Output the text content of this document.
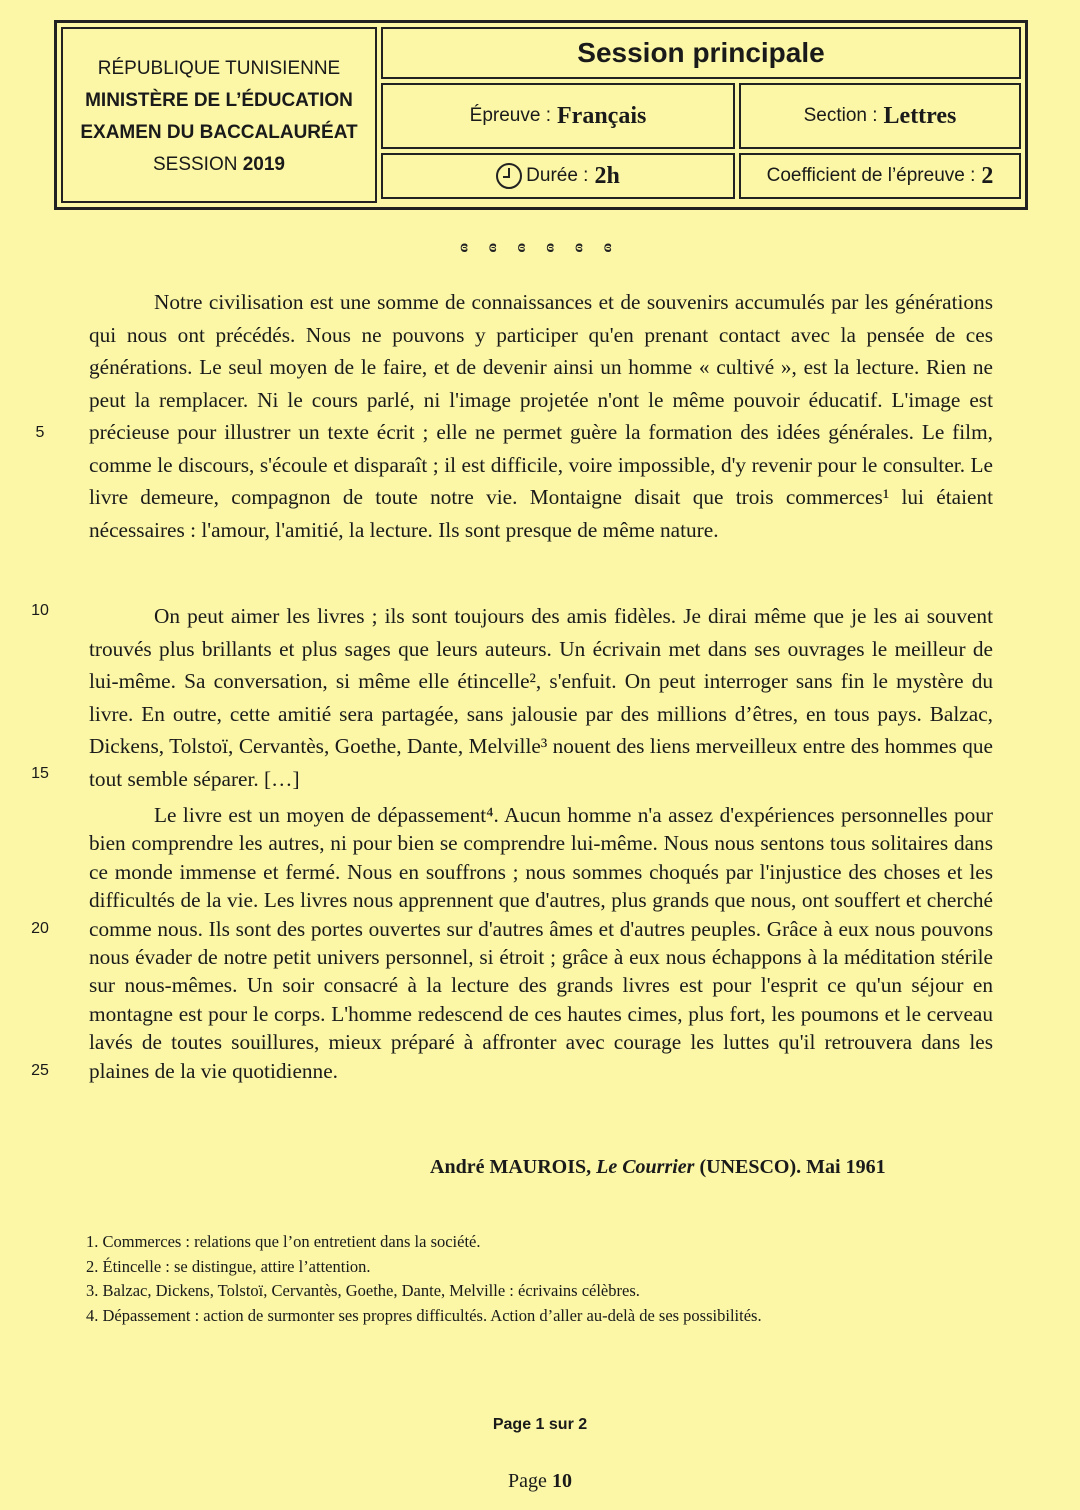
RÉPUBLIQUE TUNISIENNE
MINISTÈRE DE L’ÉDUCATION
EXAMEN DU BACCALAURÉAT
SESSION 2019
Session principale
Épreuve : Français	Section : Lettres
Durée : 2h	Coefficient de l’épreuve : 2
ɞ ɞ ɞ ɞ ɞ ɞ

Notre civilisation est une somme de connaissances et de souvenirs accumulés par les générations qui nous ont précédés. Nous ne pouvons y participer qu'en prenant contact avec la pensée de ces générations. Le seul moyen de le faire, et de devenir ainsi un homme « cultivé », est la lecture. Rien ne peut la remplacer. Ni le cours parlé, ni l'image projetée n'ont le même pouvoir éducatif. L'image est précieuse pour illustrer un texte écrit ; elle ne permet guère la formation des idées générales. Le film, comme le discours, s'écoule et disparaît ; il est difficile, voire impossible, d'y revenir pour le consulter. Le livre demeure, compagnon de toute notre vie. Montaigne disait que trois commerces¹ lui étaient nécessaires : l'amour, l'amitié, la lecture. Ils sont presque de même nature.

On peut aimer les livres ; ils sont toujours des amis fidèles. Je dirai même que je les ai souvent trouvés plus brillants et plus sages que leurs auteurs. Un écrivain met dans ses ouvrages le meilleur de lui-même. Sa conversation, si même elle étincelle², s'enfuit. On peut interroger sans fin le mystère du livre. En outre, cette amitié sera partagée, sans jalousie par des millions d’êtres, en tous pays. Balzac, Dickens, Tolstoï, Cervantès, Goethe, Dante, Melville³ nouent des liens merveilleux entre des hommes que tout semble séparer. […]

Le livre est un moyen de dépassement⁴. Aucun homme n'a assez d'expériences personnelles pour bien comprendre les autres, ni pour bien se comprendre lui-même. Nous nous sentons tous solitaires dans ce monde immense et fermé. Nous en souffrons ; nous sommes choqués par l'injustice des choses et les difficultés de la vie. Les livres nous apprennent que d'autres, plus grands que nous, ont souffert et cherché comme nous. Ils sont des portes ouvertes sur d'autres âmes et d'autres peuples. Grâce à eux nous pouvons nous évader de notre petit univers personnel, si étroit ; grâce à eux nous échappons à la méditation stérile sur nous-mêmes. Un soir consacré à la lecture des grands livres est pour l'esprit ce qu'un séjour en montagne est pour le corps. L'homme redescend de ces hautes cimes, plus fort, les poumons et le cerveau lavés de toutes souillures, mieux préparé à affronter avec courage les luttes qu'il retrouvera dans les plaines de la vie quotidienne.

5
10
15
20
25
André MAUROIS, Le Courrier (UNESCO). Mai 1961
1. Commerces : relations que l’on entretient dans la société.
2. Étincelle : se distingue, attire l’attention.
3. Balzac, Dickens, Tolstoï, Cervantès, Goethe, Dante, Melville : écrivains célèbres.
4. Dépassement : action de surmonter ses propres difficultés. Action d’aller au-delà de ses possibilités.
Page 1 sur 2
Page 10
